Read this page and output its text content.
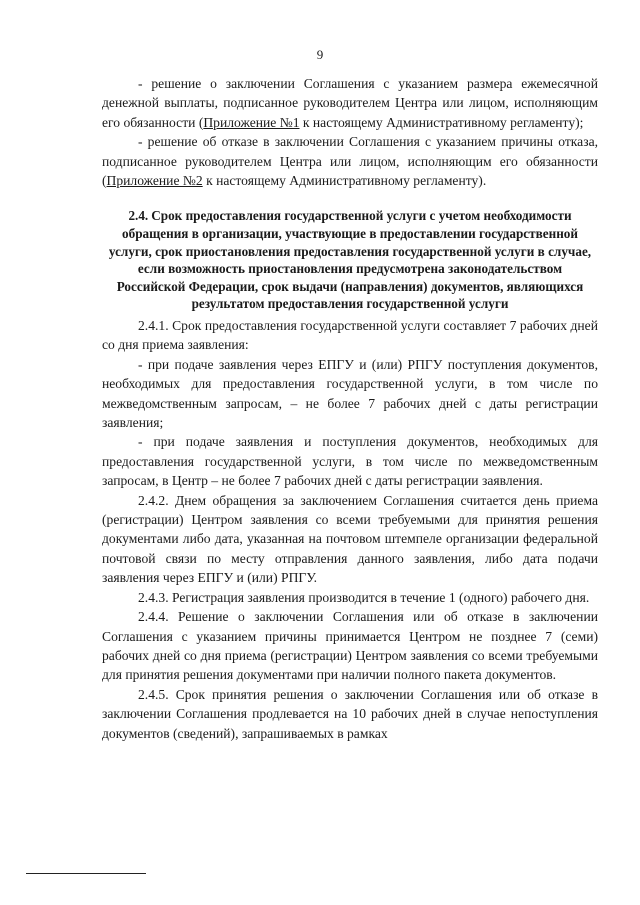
9

- решение о заключении Соглашения с указанием размера ежемесячной денежной выплаты, подписанное руководителем Центра или лицом, исполняющим его обязанности (Приложение №1 к настоящему Административному регламенту);

- решение об отказе в заключении Соглашения с указанием причины отказа, подписанное руководителем Центра или лицом, исполняющим его обязанности (Приложение №2 к настоящему Административному регламенту).

2.4. Срок предоставления государственной услуги с учетом необходимости обращения в организации, участвующие в предоставлении государственной услуги, срок приостановления предоставления государственной услуги в случае, если возможность приостановления предусмотрена законодательством Российской Федерации, срок выдачи (направления) документов, являющихся результатом предоставления государственной услуги

2.4.1. Срок предоставления государственной услуги составляет 7 рабочих дней со дня приема заявления:

- при подаче заявления через ЕПГУ и (или) РПГУ поступления документов, необходимых для предоставления государственной услуги, в том числе по межведомственным запросам, – не более 7 рабочих дней с даты регистрации заявления;

- при подаче заявления и поступления документов, необходимых для предоставления государственной услуги, в том числе по межведомственным запросам, в Центр – не более 7 рабочих дней с даты регистрации заявления.

2.4.2. Днем обращения за заключением Соглашения считается день приема (регистрации) Центром заявления со всеми требуемыми для принятия решения документами либо дата, указанная на почтовом штемпеле организации федеральной почтовой связи по месту отправления данного заявления, либо дата подачи заявления через ЕПГУ и (или) РПГУ.

2.4.3. Регистрация заявления производится в течение 1 (одного) рабочего дня.

2.4.4. Решение о заключении Соглашения или об отказе в заключении Соглашения с указанием причины принимается Центром не позднее 7 (семи) рабочих дней со дня приема (регистрации) Центром заявления со всеми требуемыми для принятия решения документами при наличии полного пакета документов.

2.4.5. Срок принятия решения о заключении Соглашения или об отказе в заключении Соглашения продлевается на 10 рабочих дней в случае непоступления документов (сведений), запрашиваемых в рамках
